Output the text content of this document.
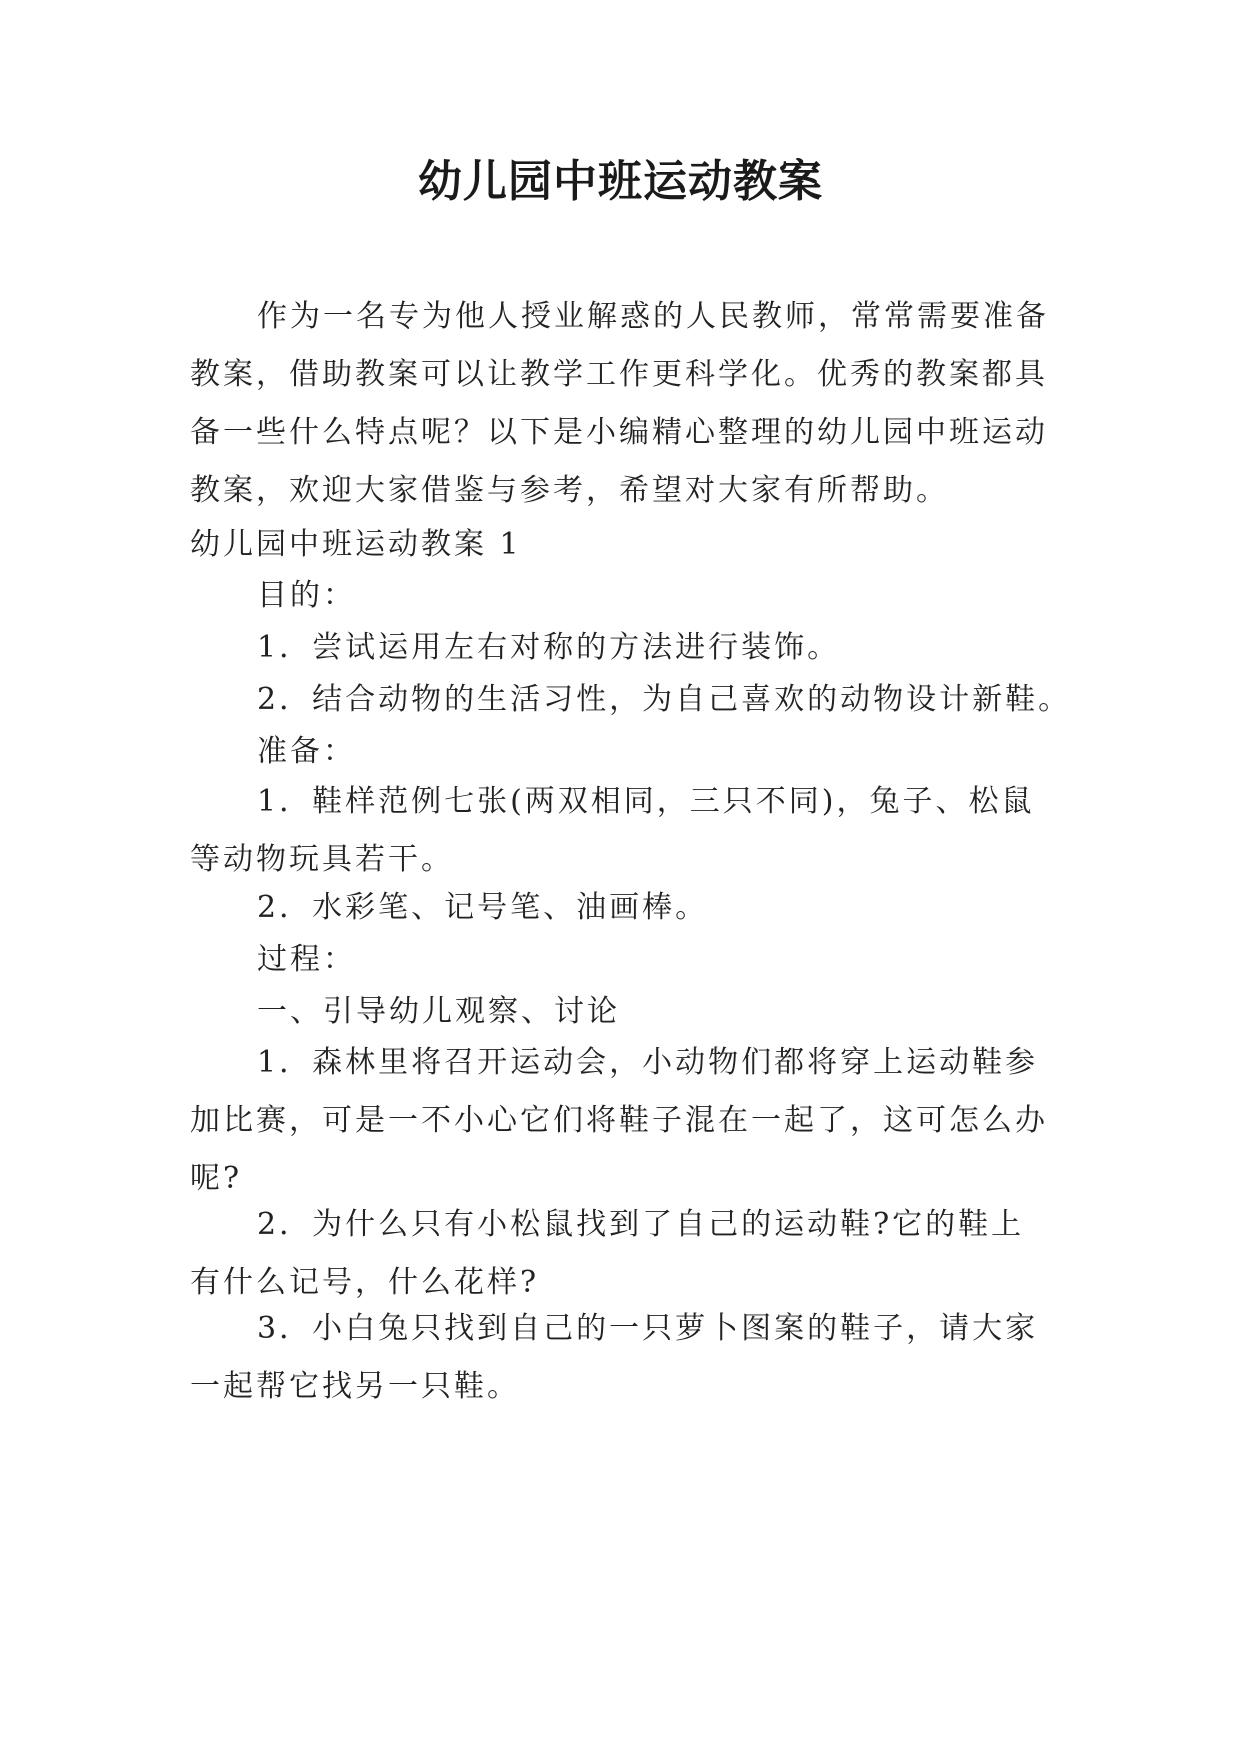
幼儿园中班运动教案
作为一名专为他人授业解惑的人民教师，常常需要准备教案，借助教案可以让教学工作更科学化。优秀的教案都具备一些什么特点呢？以下是小编精心整理的幼儿园中班运动教案，欢迎大家借鉴与参考，希望对大家有所帮助。
幼儿园中班运动教案 1
目的：
1．尝试运用左右对称的方法进行装饰。
2．结合动物的生活习性，为自己喜欢的动物设计新鞋。
准备：
1．鞋样范例七张(两双相同，三只不同)，兔子、松鼠等动物玩具若干。
2．水彩笔、记号笔、油画棒。
过程：
一、引导幼儿观察、讨论
1．森林里将召开运动会，小动物们都将穿上运动鞋参加比赛，可是一不小心它们将鞋子混在一起了，这可怎么办呢?
2．为什么只有小松鼠找到了自己的运动鞋?它的鞋上有什么记号，什么花样?
3．小白兔只找到自己的一只萝卜图案的鞋子，请大家一起帮它找另一只鞋。
